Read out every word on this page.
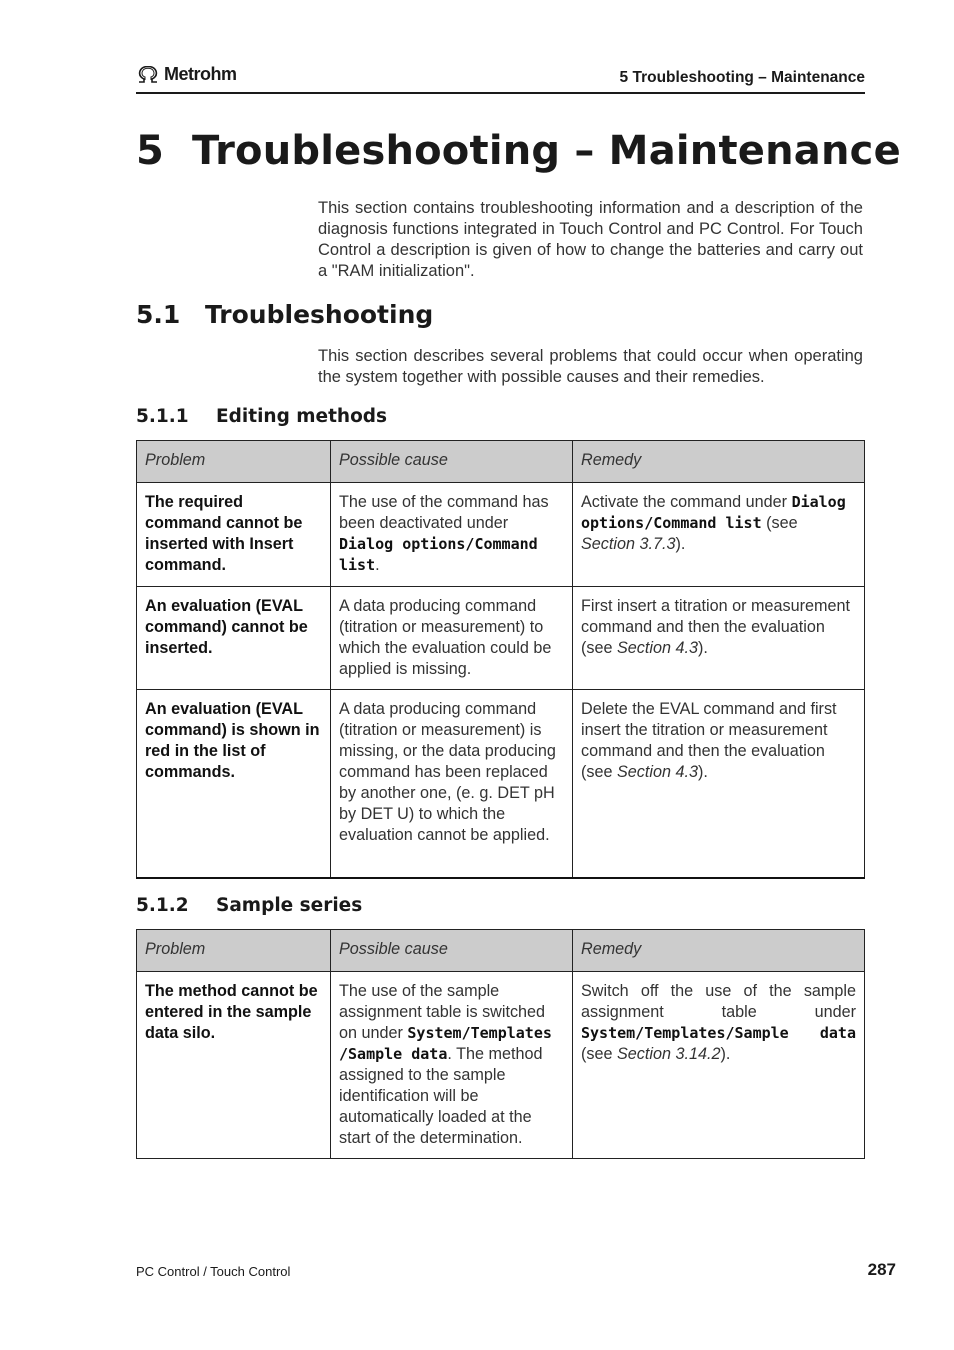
Metrohm	5 Troubleshooting – Maintenance
5 Troubleshooting – Maintenance

This section contains troubleshooting information and a description of the diagnosis functions integrated in Touch Control and PC Control. For Touch Control a description is given of how to change the batteries and carry out a "RAM initialization".

5.1 Troubleshooting

This section describes several problems that could occur when operating the system together with possible causes and their remedies.

5.1.1 Editing methods
Problem	Possible cause	Remedy
The required command cannot be inserted with Insert command.	The use of the command has been deactivated under Dialog options/Command list.	Activate the command under Dialog options/Command list (see Section 3.7.3).
An evaluation (EVAL command) cannot be inserted.	A data producing command (titration or measurement) to which the evaluation could be applied is missing.	First insert a titration or measurement command and then the evaluation (see Section 4.3).
An evaluation (EVAL command) is shown in red in the list of commands.	A data producing command (titration or measurement) is missing, or the data producing command has been replaced by another one, (e. g. DET pH by DET U) to which the evaluation cannot be applied.	Delete the EVAL command and first insert the titration or measurement command and then the evaluation (see Section 4.3).
5.1.2 Sample series
Problem	Possible cause	Remedy
The method cannot be entered in the sample data silo.	The use of the sample assignment table is switched on under System/Templates /Sample data. The method assigned to the sample identification will be automatically loaded at the start of the determination.	Switch off the use of the sample assignment table under System/Templates/Sample data (see Section 3.14.2).
PC Control / Touch Control	287
